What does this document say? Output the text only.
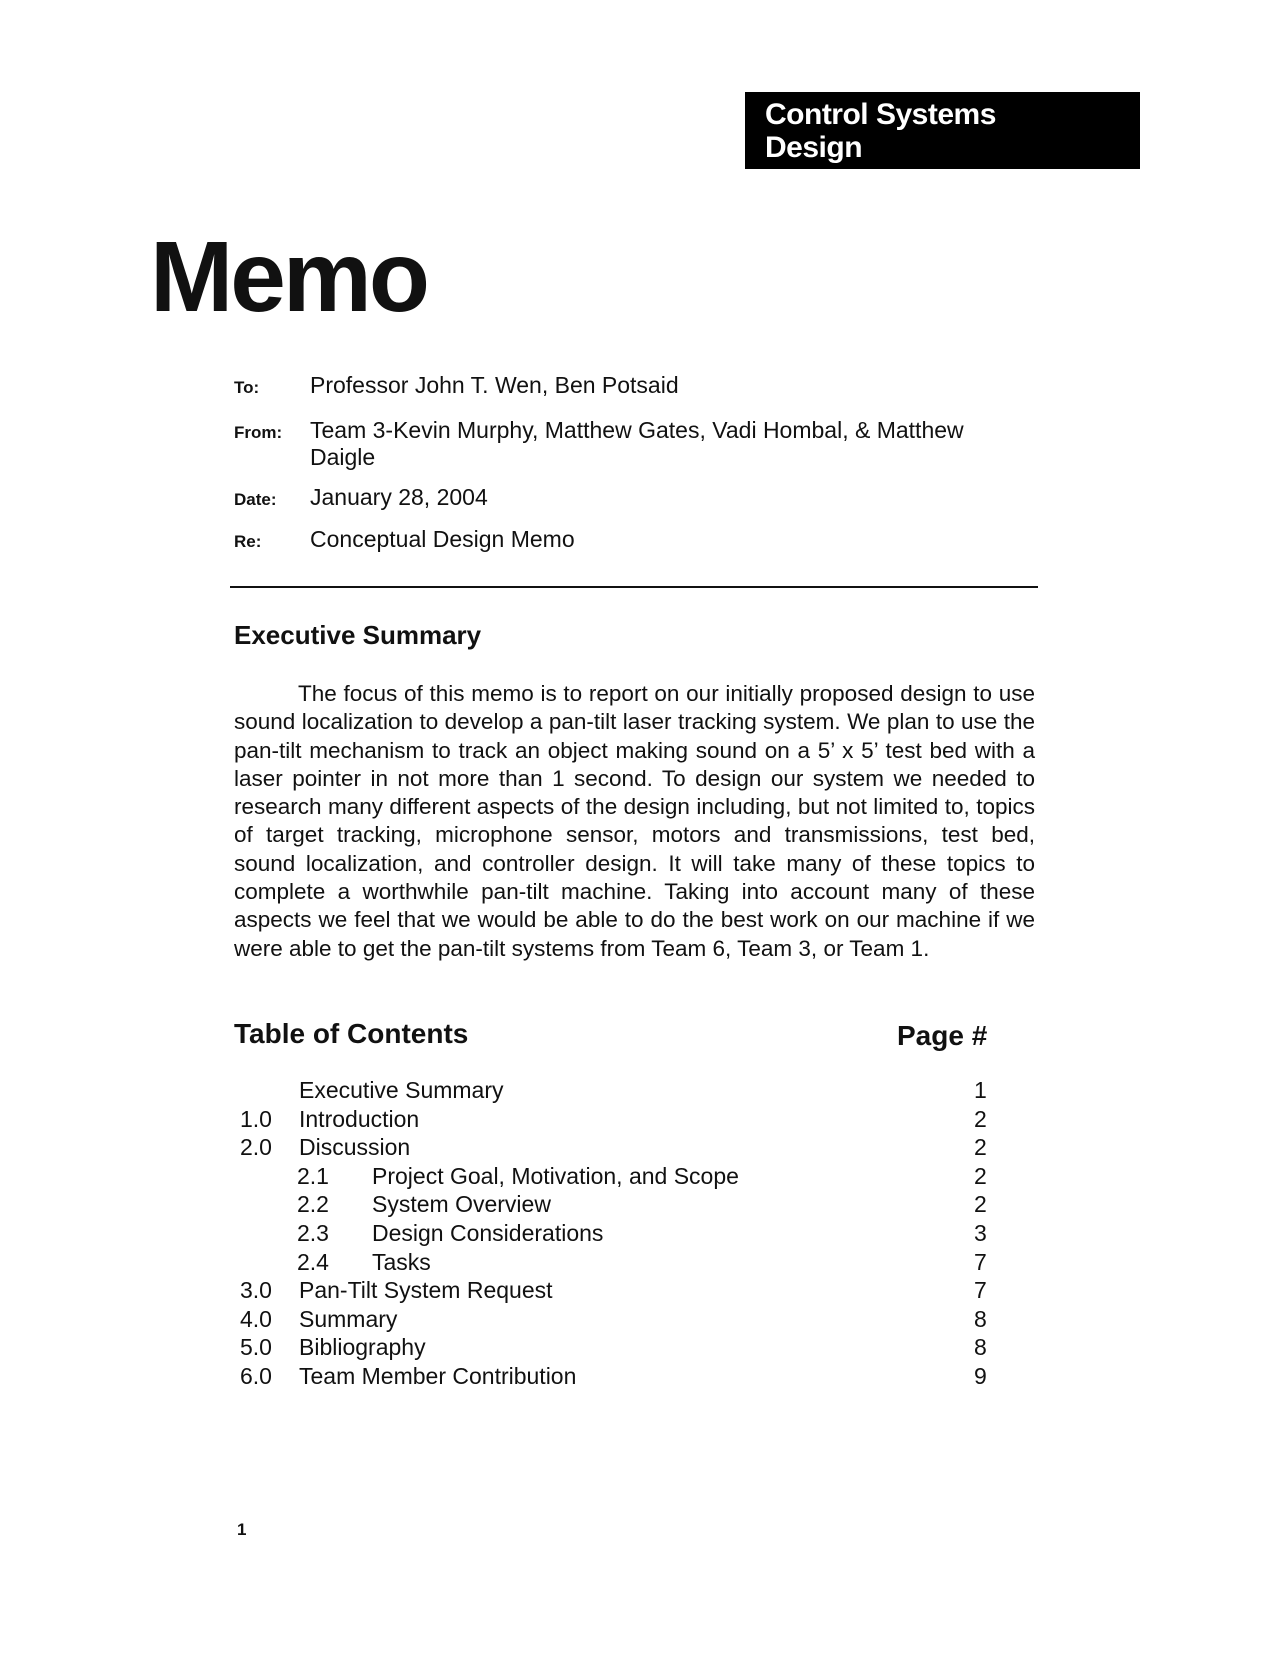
Control Systems
Design
Memo
To: Professor John T. Wen, Ben Potsaid
From: Team 3-Kevin Murphy, Matthew Gates, Vadi Hombal, & Matthew Daigle
Date: January 28, 2004
Re: Conceptual Design Memo
Executive Summary
The focus of this memo is to report on our initially proposed design to use sound localization to develop a pan-tilt laser tracking system. We plan to use the pan-tilt mechanism to track an object making sound on a 5’ x 5’ test bed with a laser pointer in not more than 1 second. To design our system we needed to research many different aspects of the design including, but not limited to, topics of target tracking, microphone sensor, motors and transmissions, test bed, sound localization, and controller design. It will take many of these topics to complete a worthwhile pan-tilt machine. Taking into account many of these aspects we feel that we would be able to do the best work on our machine if we were able to get the pan-tilt systems from Team 6, Team 3, or Team 1.
Table of Contents	Page #
Executive Summary	1
1.0 Introduction	2
2.0 Discussion	2
2.1 Project Goal, Motivation, and Scope	2
2.2 System Overview	2
2.3 Design Considerations	3
2.4 Tasks	7
3.0 Pan-Tilt System Request	7
4.0 Summary	8
5.0 Bibliography	8
6.0 Team Member Contribution	9
1
